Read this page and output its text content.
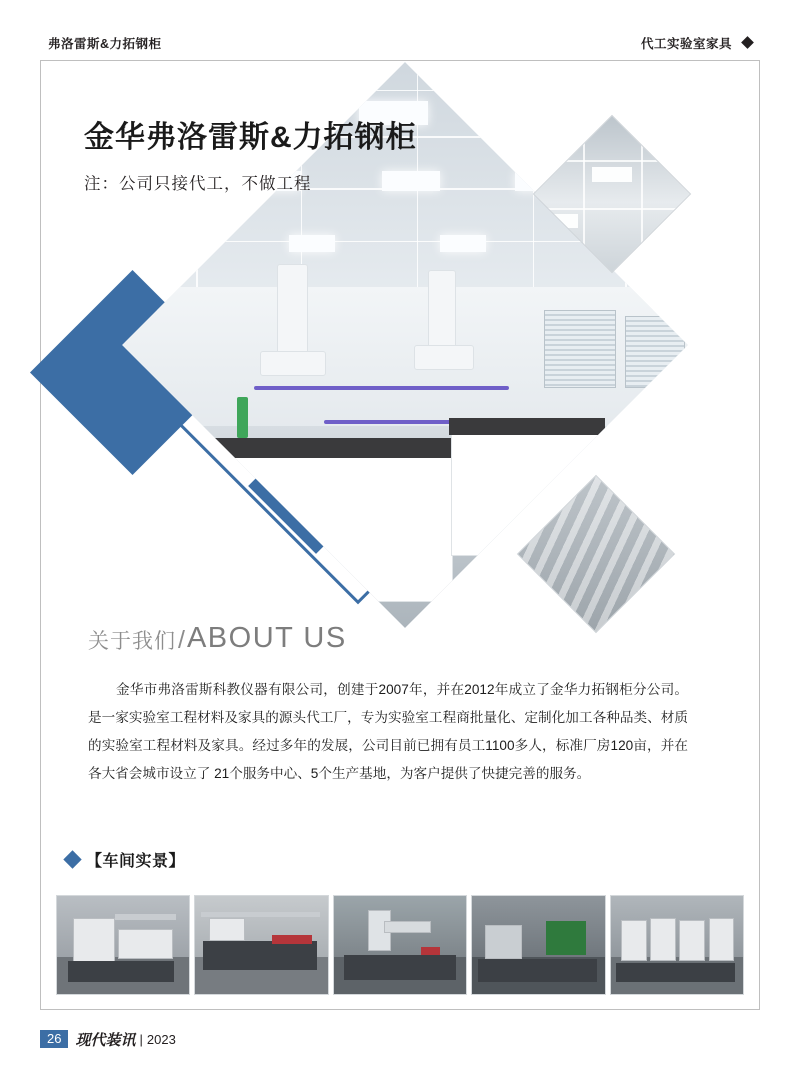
弗洛雷斯&力拓钢柜	代工实验室家具
关于我们 / ABOUT US
金华市弗洛雷斯科教仪器有限公司，创建于2007年，并在2012年成立了金华力拓钢柜分公司。是一家实验室工程材料及家具的源头代工厂，专为实验室工程商批量化、定制化加工各种品类、材质的实验室工程材料及家具。经过多年的发展，公司目前已拥有员工1100多人，标准厂房120亩，并在各大省会城市设立了 21个服务中心、5个生产基地，为客户提供了快捷完善的服务。
金华弗洛雷斯&力拓钢柜
注：公司只接代工，不做工程
【车间实景】
26 现代装讯 | 2023
